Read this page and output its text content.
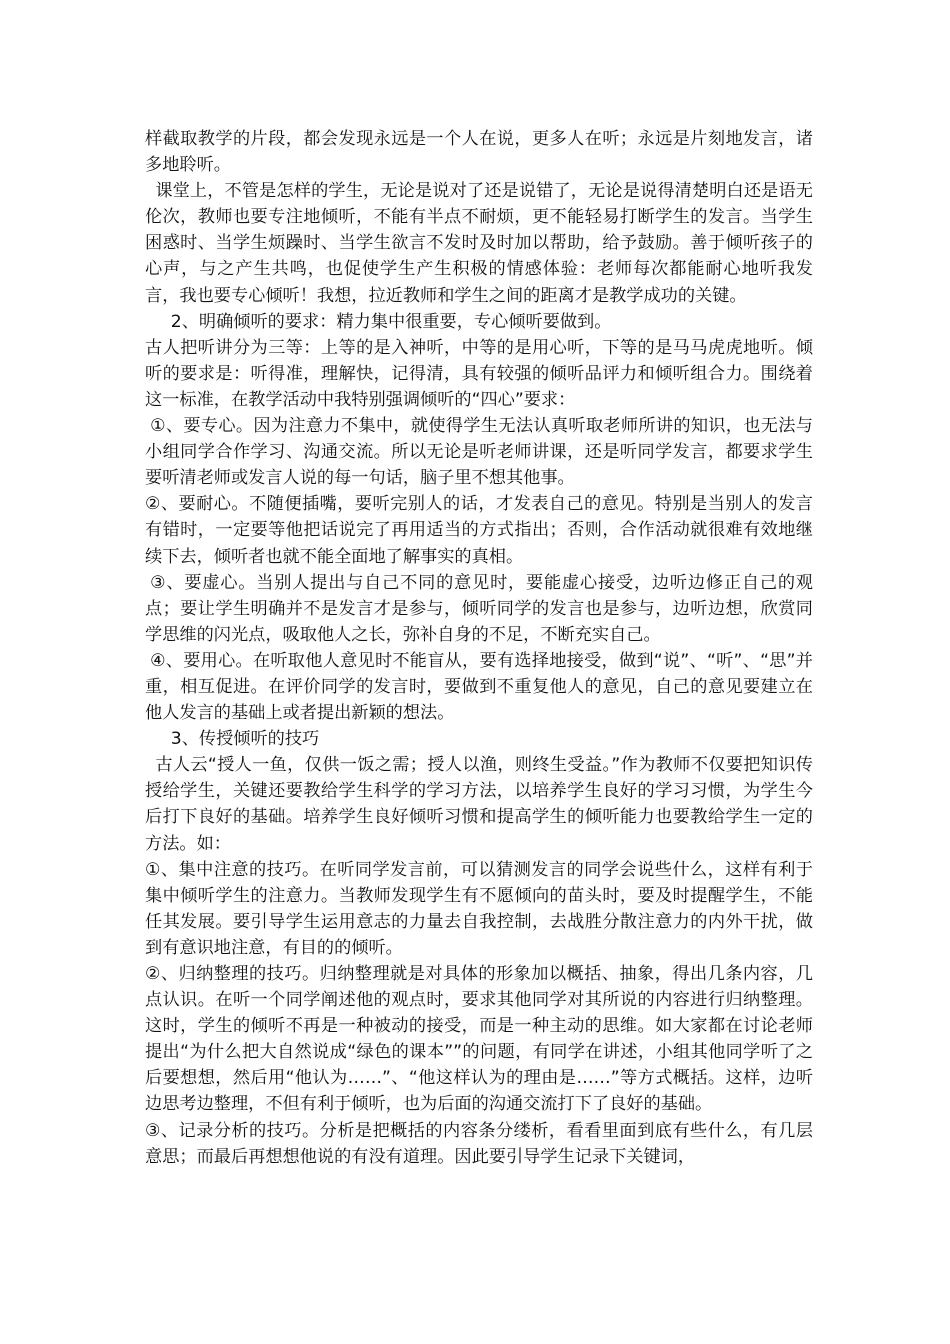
样截取教学的片段，都会发现永远是一个人在说，更多人在听；永远是片刻地发言，诸多地聆听。

课堂上，不管是怎样的学生，无论是说对了还是说错了，无论是说得清楚明白还是语无伦次，教师也要专注地倾听，不能有半点不耐烦，更不能轻易打断学生的发言。当学生困惑时、当学生烦躁时、当学生欲言不发时及时加以帮助，给予鼓励。善于倾听孩子的心声，与之产生共鸣，也促使学生产生积极的情感体验：老师每次都能耐心地听我发言，我也要专心倾听！我想，拉近教师和学生之间的距离才是教学成功的关键。

2、明确倾听的要求：精力集中很重要，专心倾听要做到。

古人把听讲分为三等：上等的是入神听，中等的是用心听，下等的是马马虎虎地听。倾听的要求是：听得准，理解快，记得清，具有较强的倾听品评力和倾听组合力。围绕着这一标准，在教学活动中我特别强调倾听的“四心”要求：

①、要专心。因为注意力不集中，就使得学生无法认真听取老师所讲的知识，也无法与小组同学合作学习、沟通交流。所以无论是听老师讲课，还是听同学发言，都要求学生要听清老师或发言人说的每一句话，脑子里不想其他事。

②、要耐心。不随便插嘴，要听完别人的话，才发表自己的意见。特别是当别人的发言有错时，一定要等他把话说完了再用适当的方式指出；否则，合作活动就很难有效地继续下去，倾听者也就不能全面地了解事实的真相。

③、要虚心。当别人提出与自己不同的意见时，要能虚心接受，边听边修正自己的观点；要让学生明确并不是发言才是参与，倾听同学的发言也是参与，边听边想，欣赏同学思维的闪光点，吸取他人之长，弥补自身的不足，不断充实自己。

④、要用心。在听取他人意见时不能盲从，要有选择地接受，做到“说”、“听”、“思”并重，相互促进。在评价同学的发言时，要做到不重复他人的意见，自己的意见要建立在他人发言的基础上或者提出新颖的想法。

3、传授倾听的技巧

古人云“授人一鱼，仅供一饭之需；授人以渔，则终生受益。”作为教师不仅要把知识传授给学生，关键还要教给学生科学的学习方法，以培养学生良好的学习习惯，为学生今后打下良好的基础。培养学生良好倾听习惯和提高学生的倾听能力也要教给学生一定的方法。如：

①、集中注意的技巧。在听同学发言前，可以猜测发言的同学会说些什么，这样有利于集中倾听学生的注意力。当教师发现学生有不愿倾向的苗头时，要及时提醒学生，不能任其发展。要引导学生运用意志的力量去自我控制，去战胜分散注意力的内外干扰，做到有意识地注意，有目的的倾听。

②、归纳整理的技巧。归纳整理就是对具体的形象加以概括、抽象，得出几条内容，几点认识。在听一个同学阐述他的观点时，要求其他同学对其所说的内容进行归纳整理。这时，学生的倾听不再是一种被动的接受，而是一种主动的思维。如大家都在讨论老师提出“为什么把大自然说成“绿色的课本””的问题，有同学在讲述，小组其他同学听了之后要想想，然后用“他认为……”、“他这样认为的理由是……”等方式概括。这样，边听边思考边整理，不但有利于倾听，也为后面的沟通交流打下了良好的基础。

③、记录分析的技巧。分析是把概括的内容条分缕析，看看里面到底有些什么，有几层意思；而最后再想想他说的有没有道理。因此要引导学生记录下关键词，
